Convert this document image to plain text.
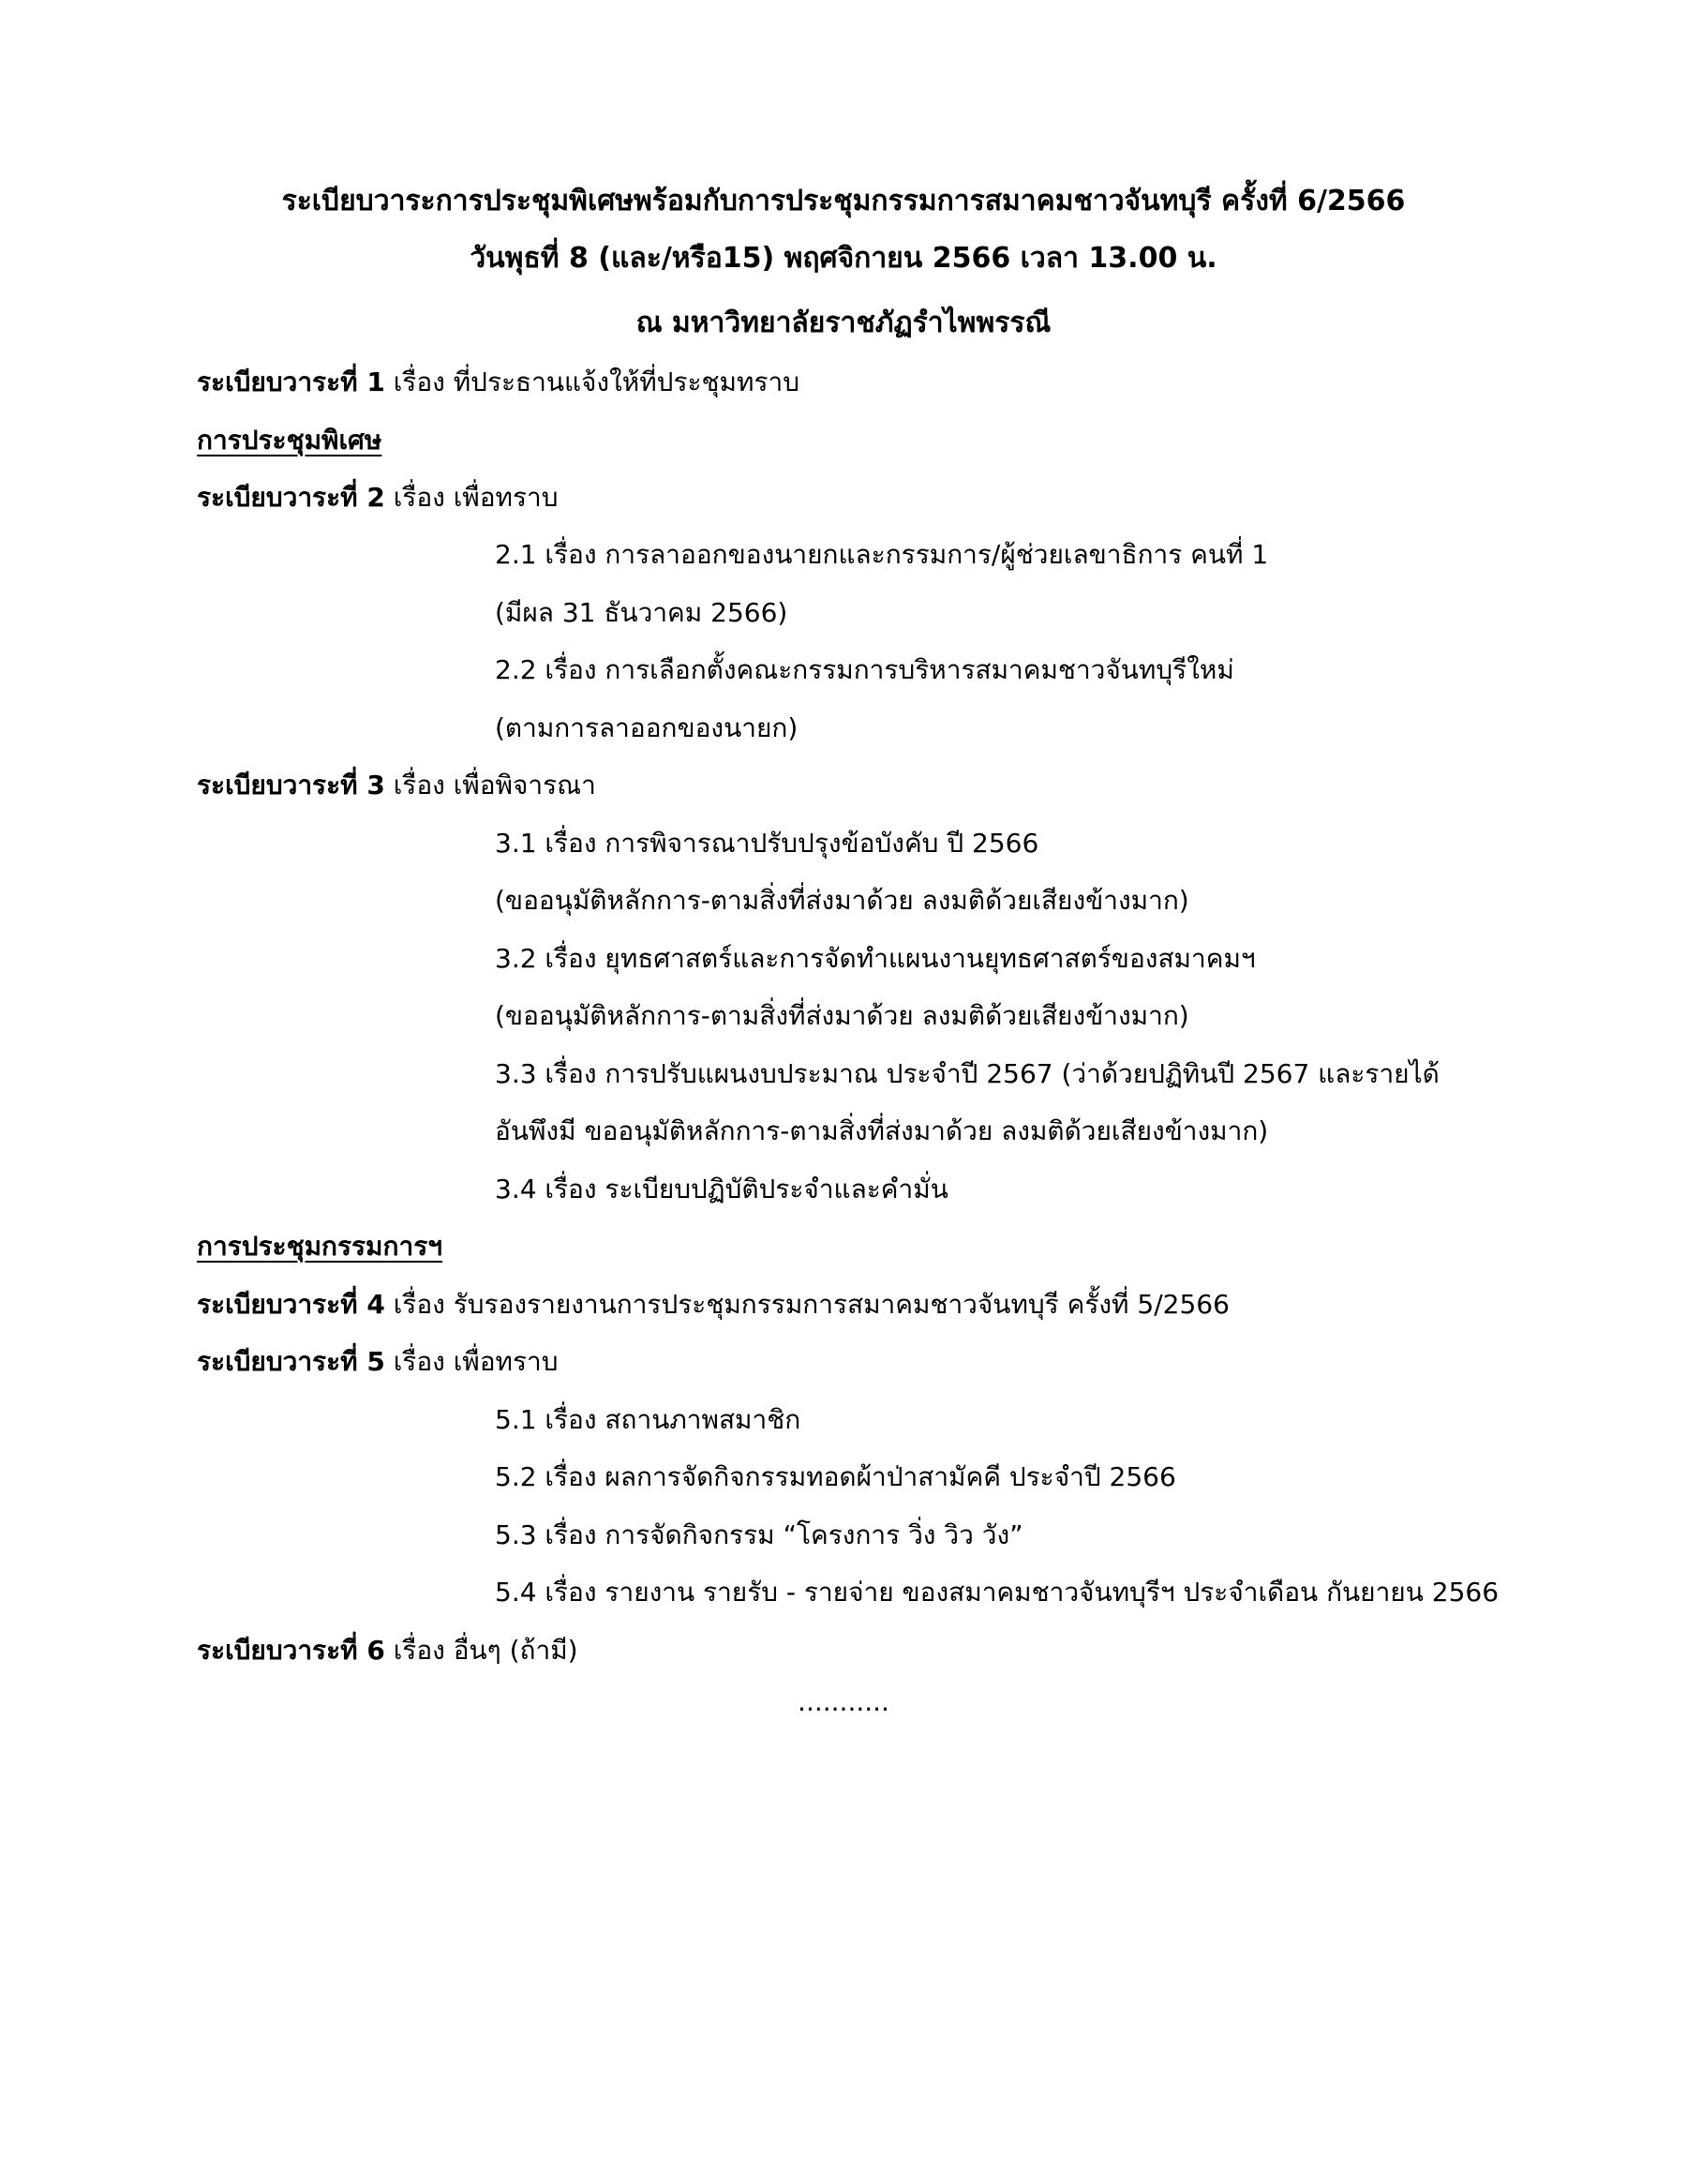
ระเบียบวาระการประชุมพิเศษพร้อมกับการประชุมกรรมการสมาคมชาวจันทบุรี ครั้งที่ 6/2566
วันพุธที่ 8 (และ/หรือ15) พฤศจิกายน 2566 เวลา 13.00 น.
ณ มหาวิทยาลัยราชภัฏรำไพพรรณี
ระเบียบวาระที่ 1 เรื่อง ที่ประธานแจ้งให้ที่ประชุมทราบ
การประชุมพิเศษ
ระเบียบวาระที่ 2 เรื่อง เพื่อทราบ
2.1 เรื่อง การลาออกของนายกและกรรมการ/ผู้ช่วยเลขาธิการ คนที่ 1
(มีผล 31 ธันวาคม 2566)
2.2 เรื่อง การเลือกตั้งคณะกรรมการบริหารสมาคมชาวจันทบุรีใหม่
(ตามการลาออกของนายก)
ระเบียบวาระที่ 3 เรื่อง เพื่อพิจารณา
3.1 เรื่อง การพิจารณาปรับปรุงข้อบังคับ ปี 2566
(ขออนุมัติหลักการ-ตามสิ่งที่ส่งมาด้วย ลงมติด้วยเสียงข้างมาก)
3.2 เรื่อง ยุทธศาสตร์และการจัดทำแผนงานยุทธศาสตร์ของสมาคมฯ
(ขออนุมัติหลักการ-ตามสิ่งที่ส่งมาด้วย ลงมติด้วยเสียงข้างมาก)
3.3 เรื่อง การปรับแผนงบประมาณ ประจำปี 2567 (ว่าด้วยปฏิทินปี 2567 และรายได้
อันพึงมี ขออนุมัติหลักการ-ตามสิ่งที่ส่งมาด้วย ลงมติด้วยเสียงข้างมาก)
3.4 เรื่อง ระเบียบปฏิบัติประจำและคำมั่น
การประชุมกรรมการฯ
ระเบียบวาระที่ 4 เรื่อง รับรองรายงานการประชุมกรรมการสมาคมชาวจันทบุรี ครั้งที่ 5/2566
ระเบียบวาระที่ 5 เรื่อง เพื่อทราบ
5.1 เรื่อง สถานภาพสมาชิก
5.2 เรื่อง ผลการจัดกิจกรรมทอดผ้าป่าสามัคคี ประจำปี 2566
5.3 เรื่อง การจัดกิจกรรม “โครงการ วิ่ง วิว วัง”
5.4 เรื่อง รายงาน รายรับ - รายจ่าย ของสมาคมชาวจันทบุรีฯ ประจำเดือน กันยายน 2566
ระเบียบวาระที่ 6 เรื่อง อื่นๆ (ถ้ามี)
...........
